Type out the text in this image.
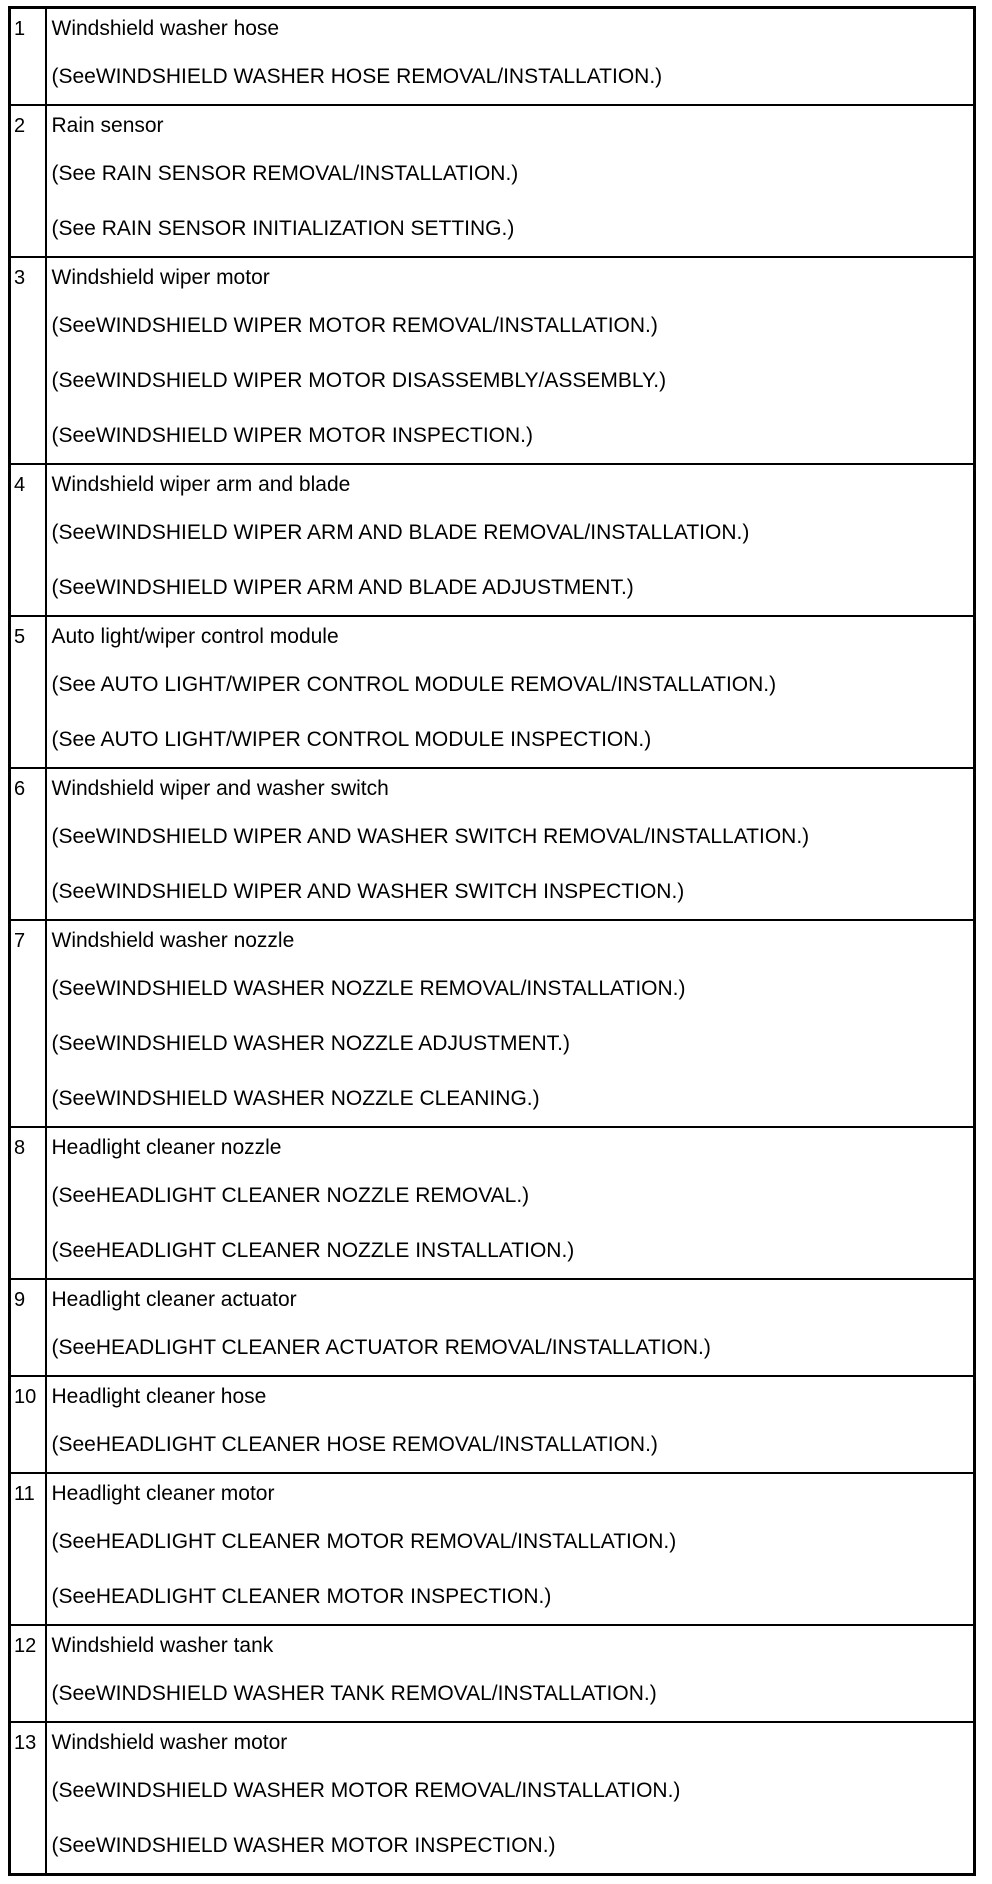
1	Windshield washer hose
(SeeWINDSHIELD WASHER HOSE REMOVAL/INSTALLATION.)

2	Rain sensor
(See RAIN SENSOR REMOVAL/INSTALLATION.)
(See RAIN SENSOR INITIALIZATION SETTING.)

3	Windshield wiper motor
(SeeWINDSHIELD WIPER MOTOR REMOVAL/INSTALLATION.)
(SeeWINDSHIELD WIPER MOTOR DISASSEMBLY/ASSEMBLY.)
(SeeWINDSHIELD WIPER MOTOR INSPECTION.)

4	Windshield wiper arm and blade
(SeeWINDSHIELD WIPER ARM AND BLADE REMOVAL/INSTALLATION.)
(SeeWINDSHIELD WIPER ARM AND BLADE ADJUSTMENT.)

5	Auto light/wiper control module
(See AUTO LIGHT/WIPER CONTROL MODULE REMOVAL/INSTALLATION.)
(See AUTO LIGHT/WIPER CONTROL MODULE INSPECTION.)

6	Windshield wiper and washer switch
(SeeWINDSHIELD WIPER AND WASHER SWITCH REMOVAL/INSTALLATION.)
(SeeWINDSHIELD WIPER AND WASHER SWITCH INSPECTION.)

7	Windshield washer nozzle
(SeeWINDSHIELD WASHER NOZZLE REMOVAL/INSTALLATION.)
(SeeWINDSHIELD WASHER NOZZLE ADJUSTMENT.)
(SeeWINDSHIELD WASHER NOZZLE CLEANING.)

8	Headlight cleaner nozzle
(SeeHEADLIGHT CLEANER NOZZLE REMOVAL.)
(SeeHEADLIGHT CLEANER NOZZLE INSTALLATION.)

9	Headlight cleaner actuator
(SeeHEADLIGHT CLEANER ACTUATOR REMOVAL/INSTALLATION.)

10	Headlight cleaner hose
(SeeHEADLIGHT CLEANER HOSE REMOVAL/INSTALLATION.)

11	Headlight cleaner motor
(SeeHEADLIGHT CLEANER MOTOR REMOVAL/INSTALLATION.)
(SeeHEADLIGHT CLEANER MOTOR INSPECTION.)

12	Windshield washer tank
(SeeWINDSHIELD WASHER TANK REMOVAL/INSTALLATION.)

13	Windshield washer motor
(SeeWINDSHIELD WASHER MOTOR REMOVAL/INSTALLATION.)
(SeeWINDSHIELD WASHER MOTOR INSPECTION.)
